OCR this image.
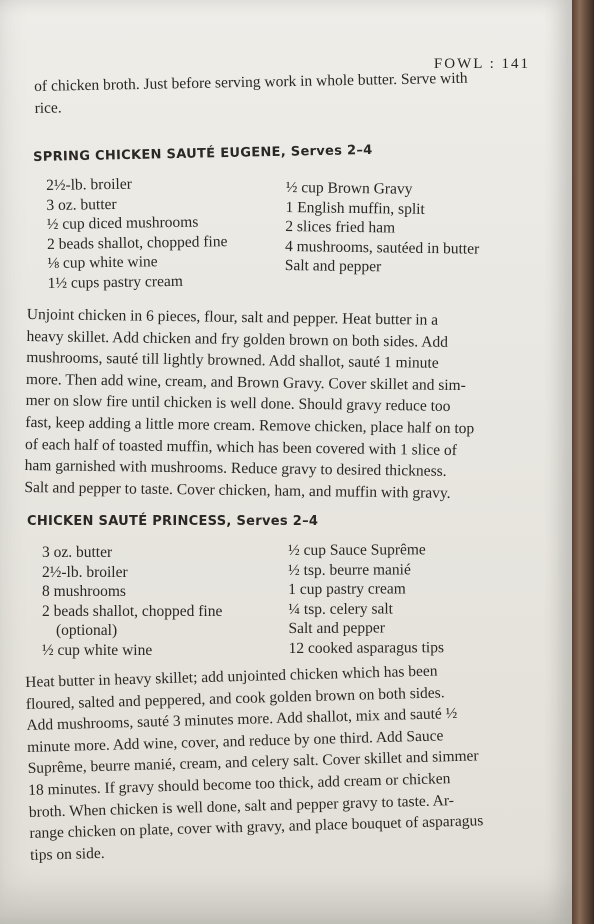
FOWL : 141

of chicken broth. Just before serving work in whole butter. Serve with
rice.

SPRING CHICKEN SAUTÉ EUGENE, Serves 2–4
2½-lb. broiler
3 oz. butter
½ cup diced mushrooms
2 beads shallot, chopped fine
⅛ cup white wine
1½ cups pastry cream
½ cup Brown Gravy
1 English muffin, split
2 slices fried ham
4 mushrooms, sautéed in butter
Salt and pepper

Unjoint chicken in 6 pieces, flour, salt and pepper. Heat butter in a
heavy skillet. Add chicken and fry golden brown on both sides. Add
mushrooms, sauté till lightly browned. Add shallot, sauté 1 minute
more. Then add wine, cream, and Brown Gravy. Cover skillet and sim-
mer on slow fire until chicken is well done. Should gravy reduce too
fast, keep adding a little more cream. Remove chicken, place half on top
of each half of toasted muffin, which has been covered with 1 slice of
ham garnished with mushrooms. Reduce gravy to desired thickness.
Salt and pepper to taste. Cover chicken, ham, and muffin with gravy.

CHICKEN SAUTÉ PRINCESS, Serves 2–4
3 oz. butter
2½-lb. broiler
8 mushrooms
2 beads shallot, chopped fine
(optional)
½ cup white wine
½ cup Sauce Suprême
½ tsp. beurre manié
1 cup pastry cream
¼ tsp. celery salt
Salt and pepper
12 cooked asparagus tips

Heat butter in heavy skillet; add unjointed chicken which has been
floured, salted and peppered, and cook golden brown on both sides.
Add mushrooms, sauté 3 minutes more. Add shallot, mix and sauté ½
minute more. Add wine, cover, and reduce by one third. Add Sauce
Suprême, beurre manié, cream, and celery salt. Cover skillet and simmer
18 minutes. If gravy should become too thick, add cream or chicken
broth. When chicken is well done, salt and pepper gravy to taste. Ar-
range chicken on plate, cover with gravy, and place bouquet of asparagus
tips on side.
